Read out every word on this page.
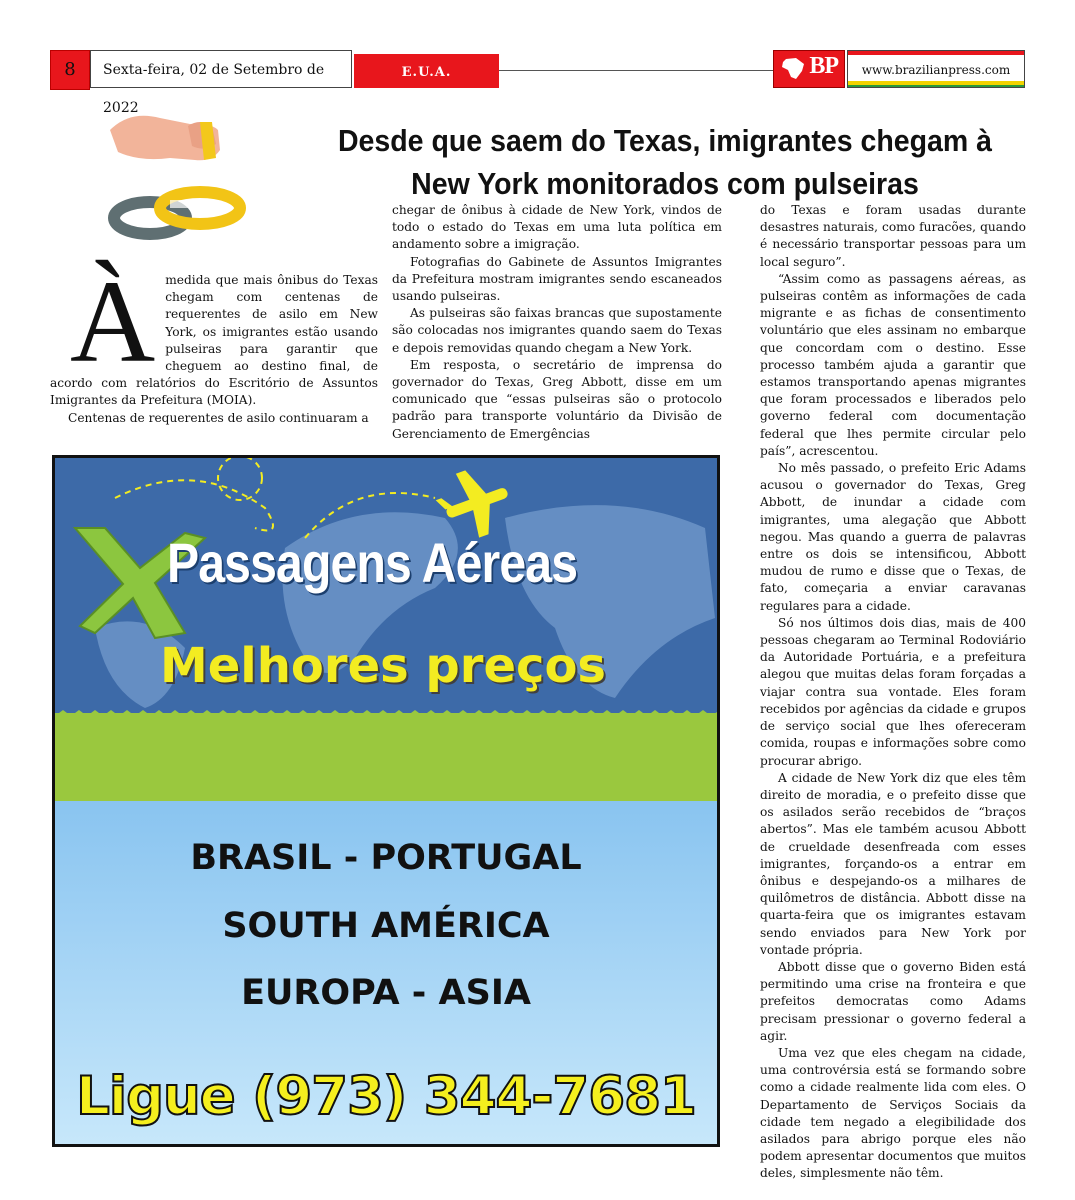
8	Sexta-feira, 02 de Setembro de 2022
E.U.A.	BP	www.brazilianpress.com
Desde que saem do Texas, imigrantes chegam à
New York monitorados com pulseiras

Àmedida que mais ônibus do Texas chegam com centenas de requerentes de asilo em New York, os imigrantes estão usando pulseiras para garantir que cheguem ao destino final, de acordo com relatórios do Escritório de Assuntos Imigrantes da Prefeitura (MOIA).

Centenas de requerentes de asilo continuaram a

chegar de ônibus à cidade de New York, vindos de todo o estado do Texas em uma luta política em andamento sobre a imigração.

Fotografias do Gabinete de Assuntos Imigrantes da Prefeitura mostram imigrantes sendo escaneados usando pulseiras.

As pulseiras são faixas brancas que supostamente são colocadas nos imigrantes quando saem do Texas e depois removidas quando chegam a New York.

Em resposta, o secretário de imprensa do governador do Texas, Greg Abbott, disse em um comunicado que “essas pulseiras são o protocolo padrão para transporte voluntário da Divisão de Gerenciamento de Emergências

do Texas e foram usadas durante desastres naturais, como furacões, quando é necessário transportar pessoas para um local seguro”.

“Assim como as passagens aéreas, as pulseiras contêm as informações de cada migrante e as fichas de consentimento voluntário que eles assinam no embarque que concordam com o destino. Esse processo também ajuda a garantir que estamos transportando apenas migrantes que foram processados e liberados pelo governo federal com documentação federal que lhes permite circular pelo país”, acrescentou.

No mês passado, o prefeito Eric Adams acusou o governador do Texas, Greg Abbott, de inundar a cidade com imigrantes, uma alegação que Abbott negou. Mas quando a guerra de palavras entre os dois se intensificou, Abbott mudou de rumo e disse que o Texas, de fato, começaria a enviar caravanas regulares para a cidade.

Só nos últimos dois dias, mais de 400 pessoas chegaram ao Terminal Rodoviário da Autoridade Portuária, e a prefeitura alegou que muitas delas foram forçadas a viajar contra sua vontade. Eles foram recebidos por agências da cidade e grupos de serviço social que lhes ofereceram comida, roupas e informações sobre como procurar abrigo.

A cidade de New York diz que eles têm direito de moradia, e o prefeito disse que os asilados serão recebidos de “braços abertos”. Mas ele também acusou Abbott de crueldade desenfreada com esses imigrantes, forçando-os a entrar em ônibus e despejando-os a milhares de quilômetros de distância. Abbott disse na quarta-feira que os imigrantes estavam sendo enviados para New York por vontade própria.

Abbott disse que o governo Biden está permitindo uma crise na fronteira e que prefeitos democratas como Adams precisam pressionar o governo federal a agir.

Uma vez que eles chegam na cidade, uma controvérsia está se formando sobre como a cidade realmente lida com eles. O Departamento de Serviços Sociais da cidade tem negado a elegibilidade dos asilados para abrigo porque eles não podem apresentar documentos que muitos deles, simplesmente não têm.

Passagens Aéreas
Melhores preços
BRASIL - PORTUGAL
SOUTH AMÉRICA
EUROPA - ASIA
Ligue (973) 344-7681
